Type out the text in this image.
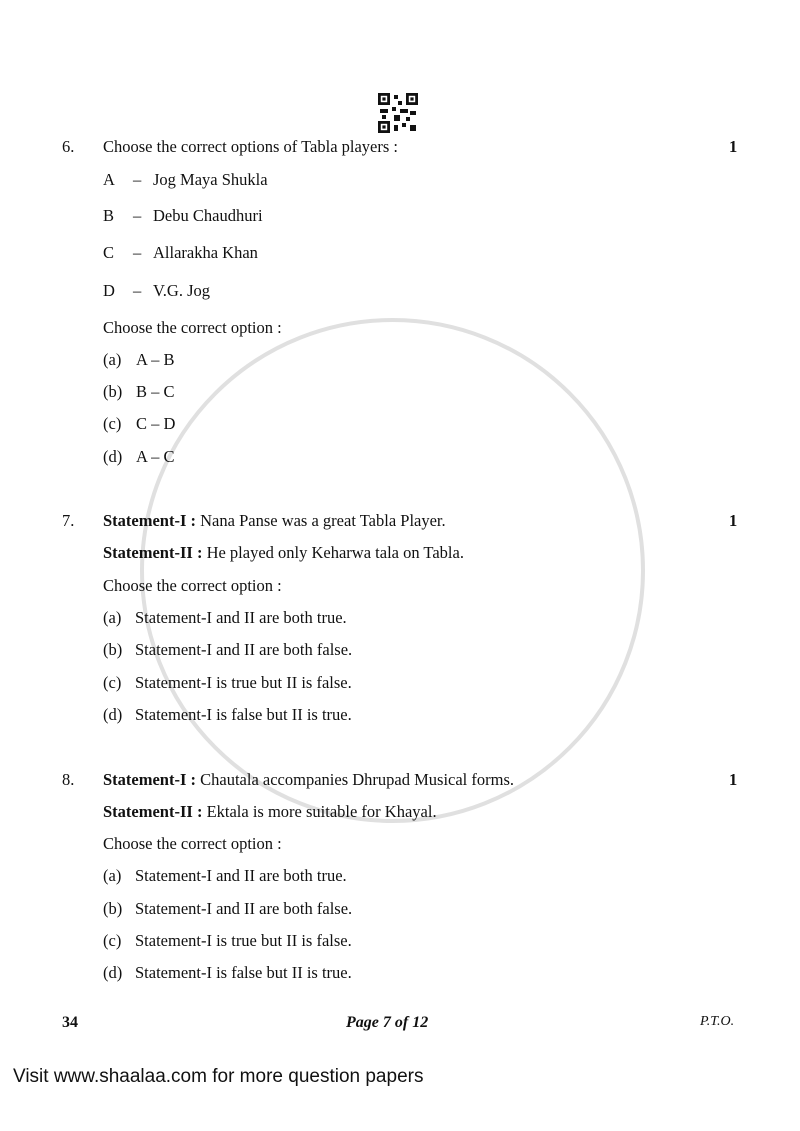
6. Choose the correct options of Tabla players :	1
A – Jog Maya Shukla
B – Debu Chaudhuri
C – Allarakha Khan
D – V.G. Jog
Choose the correct option :
(a) A – B
(b) B – C
(c) C – D
(d) A – C
7. Statement-I : Nana Panse was a great Tabla Player.	1
Statement-II : He played only Keharwa tala on Tabla.
Choose the correct option :
(a) Statement-I and II are both true.
(b) Statement-I and II are both false.
(c) Statement-I is true but II is false.
(d) Statement-I is false but II is true.
8. Statement-I : Chautala accompanies Dhrupad Musical forms.	1
Statement-II : Ektala is more suitable for Khayal.
Choose the correct option :
(a) Statement-I and II are both true.
(b) Statement-I and II are both false.
(c) Statement-I is true but II is false.
(d) Statement-I is false but II is true.
34	Page 7 of 12	P.T.O.
Visit www.shaalaa.com for more question papers
